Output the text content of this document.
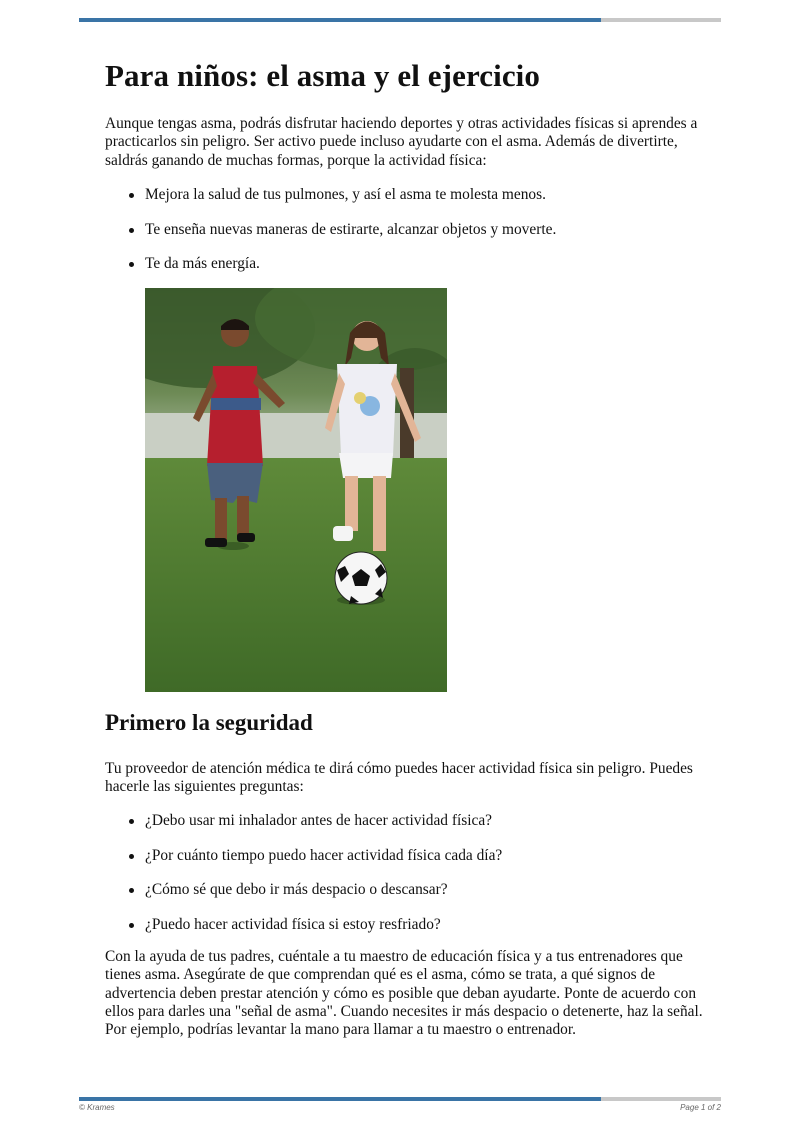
Para niños: el asma y el ejercicio

Aunque tengas asma, podrás disfrutar haciendo deportes y otras actividades físicas si aprendes a practicarlos sin peligro. Ser activo puede incluso ayudarte con el asma. Además de divertirte, saldrás ganando de muchas formas, porque la actividad física:

Mejora la salud de tus pulmones, y así el asma te molesta menos.
Te enseña nuevas maneras de estirarte, alcanzar objetos y moverte.
Te da más energía.
Primero la seguridad

Tu proveedor de atención médica te dirá cómo puedes hacer actividad física sin peligro. Puedes hacerle las siguientes preguntas:

¿Debo usar mi inhalador antes de hacer actividad física?
¿Por cuánto tiempo puedo hacer actividad física cada día?
¿Cómo sé que debo ir más despacio o descansar?
¿Puedo hacer actividad física si estoy resfriado?

Con la ayuda de tus padres, cuéntale a tu maestro de educación física y a tus entrenadores que tienes asma. Asegúrate de que comprendan qué es el asma, cómo se trata, a qué signos de advertencia deben prestar atención y cómo es posible que deban ayudarte. Ponte de acuerdo con ellos para darles una "señal de asma". Cuando necesites ir más despacio o detenerte, haz la señal. Por ejemplo, podrías levantar la mano para llamar a tu maestro o entrenador.

© Krames	Page 1 of 2
